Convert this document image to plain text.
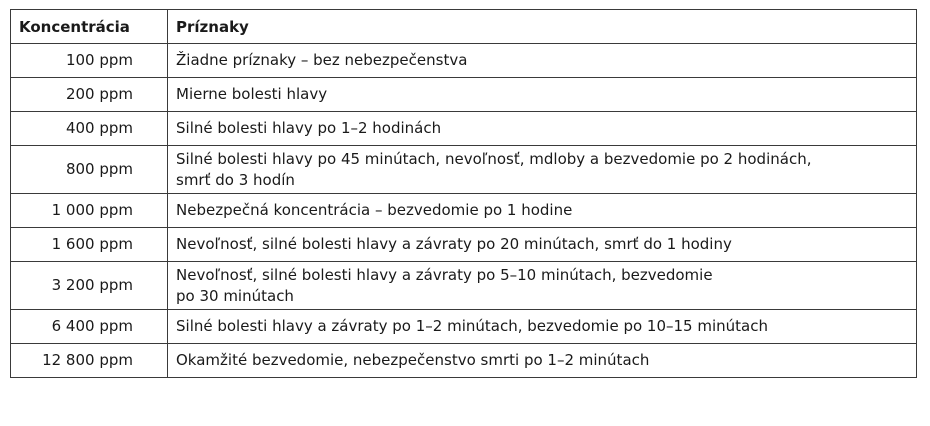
Koncentrácia	Príznaky
100 ppm	Žiadne príznaky – bez nebezpečenstva
200 ppm	Mierne bolesti hlavy
400 ppm	Silné bolesti hlavy po 1–2 hodinách
800 ppm	Silné bolesti hlavy po 45 minútach, nevoľnosť, mdloby a bezvedomie po 2 hodinách,
smrť do 3 hodín
1 000 ppm	Nebezpečná koncentrácia – bezvedomie po 1 hodine
1 600 ppm	Nevoľnosť, silné bolesti hlavy a závraty po 20 minútach, smrť do 1 hodiny
3 200 ppm	Nevoľnosť, silné bolesti hlavy a závraty po 5–10 minútach, bezvedomie
po 30 minútach
6 400 ppm	Silné bolesti hlavy a závraty po 1–2 minútach, bezvedomie po 10–15 minútach
12 800 ppm	Okamžité bezvedomie, nebezpečenstvo smrti po 1–2 minútach
